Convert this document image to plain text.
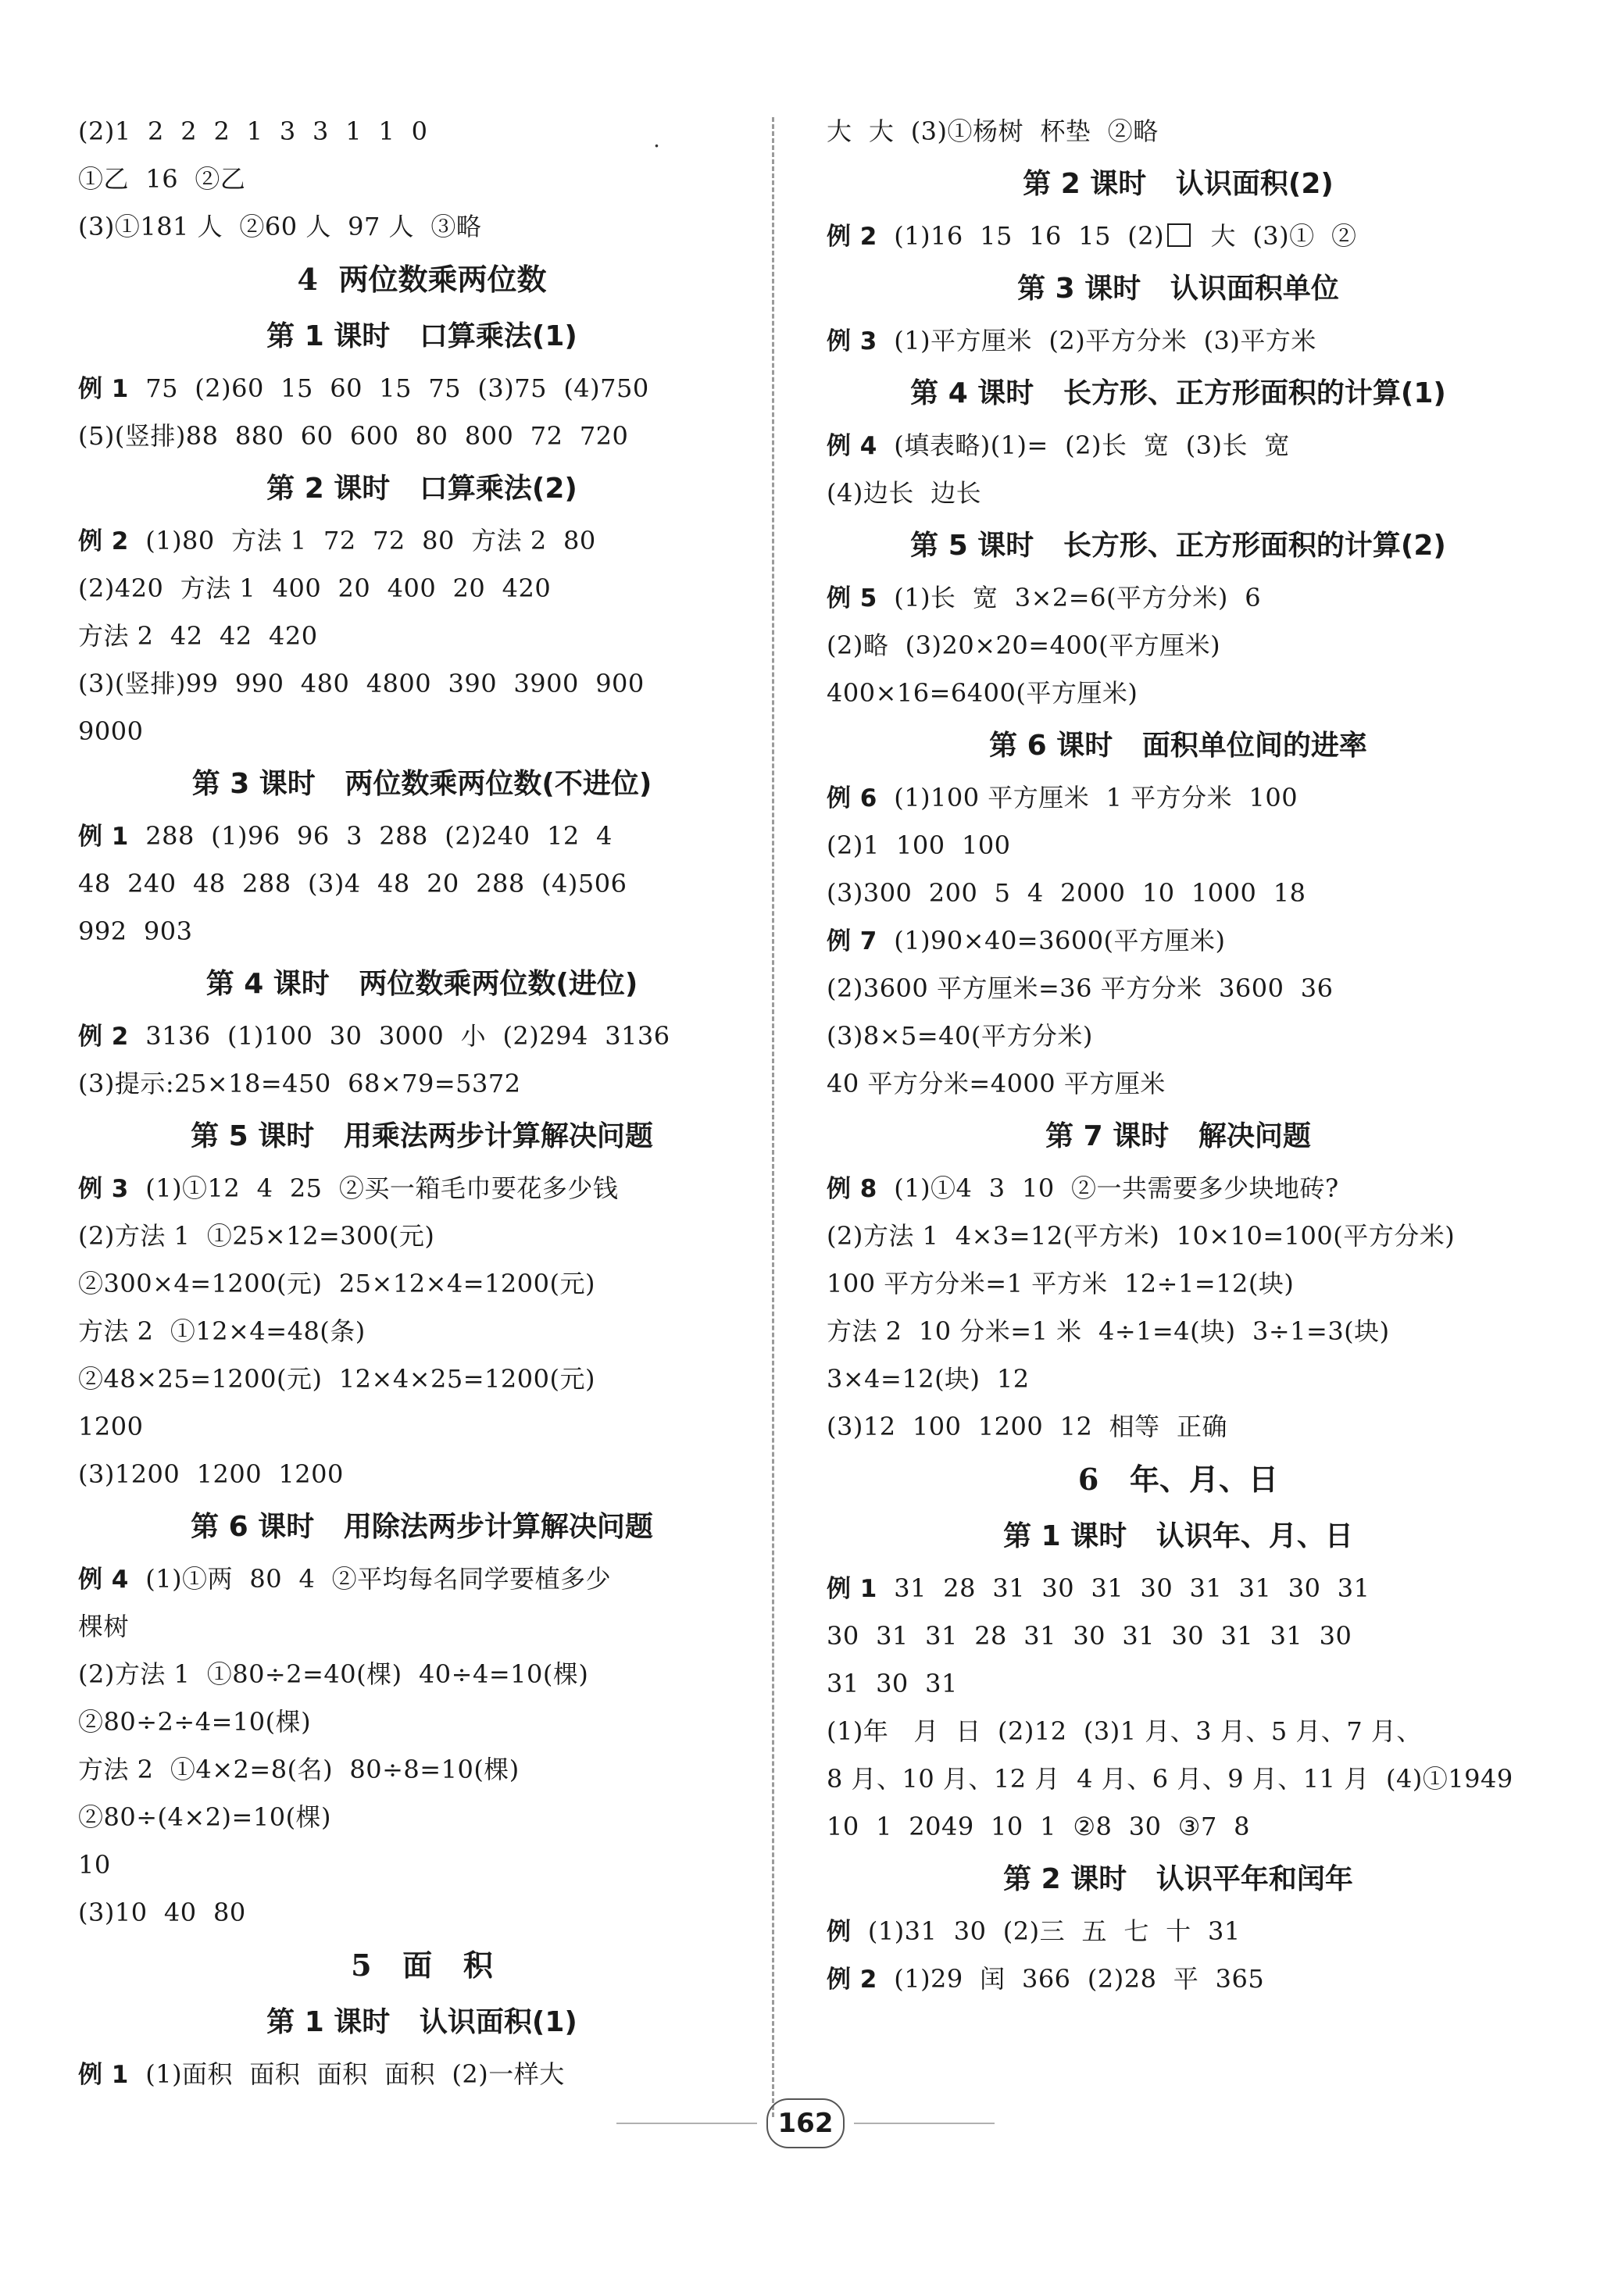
.
(2)1  2  2  2  1  3  3  1  1  0
①乙  16  ②乙
(3)①181 人  ②60 人  97 人  ③略
4  两位数乘两位数
第 1 课时   口算乘法(1)
例 1  75  (2)60  15  60  15  75  (3)75  (4)750
(5)(竖排)88  880  60  600  80  800  72  720
第 2 课时   口算乘法(2)
例 2  (1)80  方法 1  72  72  80  方法 2  80
(2)420  方法 1  400  20  400  20  420
方法 2  42  42  420
(3)(竖排)99  990  480  4800  390  3900  900
9000
第 3 课时   两位数乘两位数(不进位)
例 1  288  (1)96  96  3  288  (2)240  12  4
48  240  48  288  (3)4  48  20  288  (4)506
992  903
第 4 课时   两位数乘两位数(进位)
例 2  3136  (1)100  30  3000  小  (2)294  3136
(3)提示:25×18=450  68×79=5372
第 5 课时   用乘法两步计算解决问题
例 3  (1)①12  4  25  ②买一箱毛巾要花多少钱
(2)方法 1  ①25×12=300(元)
②300×4=1200(元)  25×12×4=1200(元)
方法 2  ①12×4=48(条)
②48×25=1200(元)  12×4×25=1200(元)
1200
(3)1200  1200  1200
第 6 课时   用除法两步计算解决问题
例 4  (1)①两  80  4  ②平均每名同学要植多少
棵树
(2)方法 1  ①80÷2=40(棵)  40÷4=10(棵)
②80÷2÷4=10(棵)
方法 2  ①4×2=8(名)  80÷8=10(棵)
②80÷(4×2)=10(棵)
10
(3)10  40  80
5   面   积
第 1 课时   认识面积(1)
例 1  (1)面积  面积  面积  面积  (2)一样大
大  大  (3)①杨树  杯垫  ②略
第 2 课时   认识面积(2)
例 2  (1)16  15  16  15  (2)  大  (3)①  ②
第 3 课时   认识面积单位
例 3  (1)平方厘米  (2)平方分米  (3)平方米
第 4 课时   长方形、正方形面积的计算(1)
例 4  (填表略)(1)=  (2)长  宽  (3)长  宽
(4)边长  边长
第 5 课时   长方形、正方形面积的计算(2)
例 5  (1)长  宽  3×2=6(平方分米)  6
(2)略  (3)20×20=400(平方厘米)
400×16=6400(平方厘米)
第 6 课时   面积单位间的进率
例 6  (1)100 平方厘米  1 平方分米  100
(2)1  100  100
(3)300  200  5  4  2000  10  1000  18
例 7  (1)90×40=3600(平方厘米)
(2)3600 平方厘米=36 平方分米  3600  36
(3)8×5=40(平方分米)
40 平方分米=4000 平方厘米
第 7 课时   解决问题
例 8  (1)①4  3  10  ②一共需要多少块地砖?
(2)方法 1  4×3=12(平方米)  10×10=100(平方分米)
100 平方分米=1 平方米  12÷1=12(块)
方法 2  10 分米=1 米  4÷1=4(块)  3÷1=3(块)
3×4=12(块)  12
(3)12  100  1200  12  相等  正确
6   年、月、日
第 1 课时   认识年、月、日
例 1  31  28  31  30  31  30  31  31  30  31
30  31  31  28  31  30  31  30  31  31  30
31  30  31
(1)年   月  日  (2)12  (3)1 月、3 月、5 月、7 月、
8 月、10 月、12 月  4 月、6 月、9 月、11 月  (4)①1949
10  1  2049  10  1  ②8  30  ③7  8
第 2 课时   认识平年和闰年
例  (1)31  30  (2)三  五  七  十  31
例 2  (1)29  闰  366  (2)28  平  365
162
